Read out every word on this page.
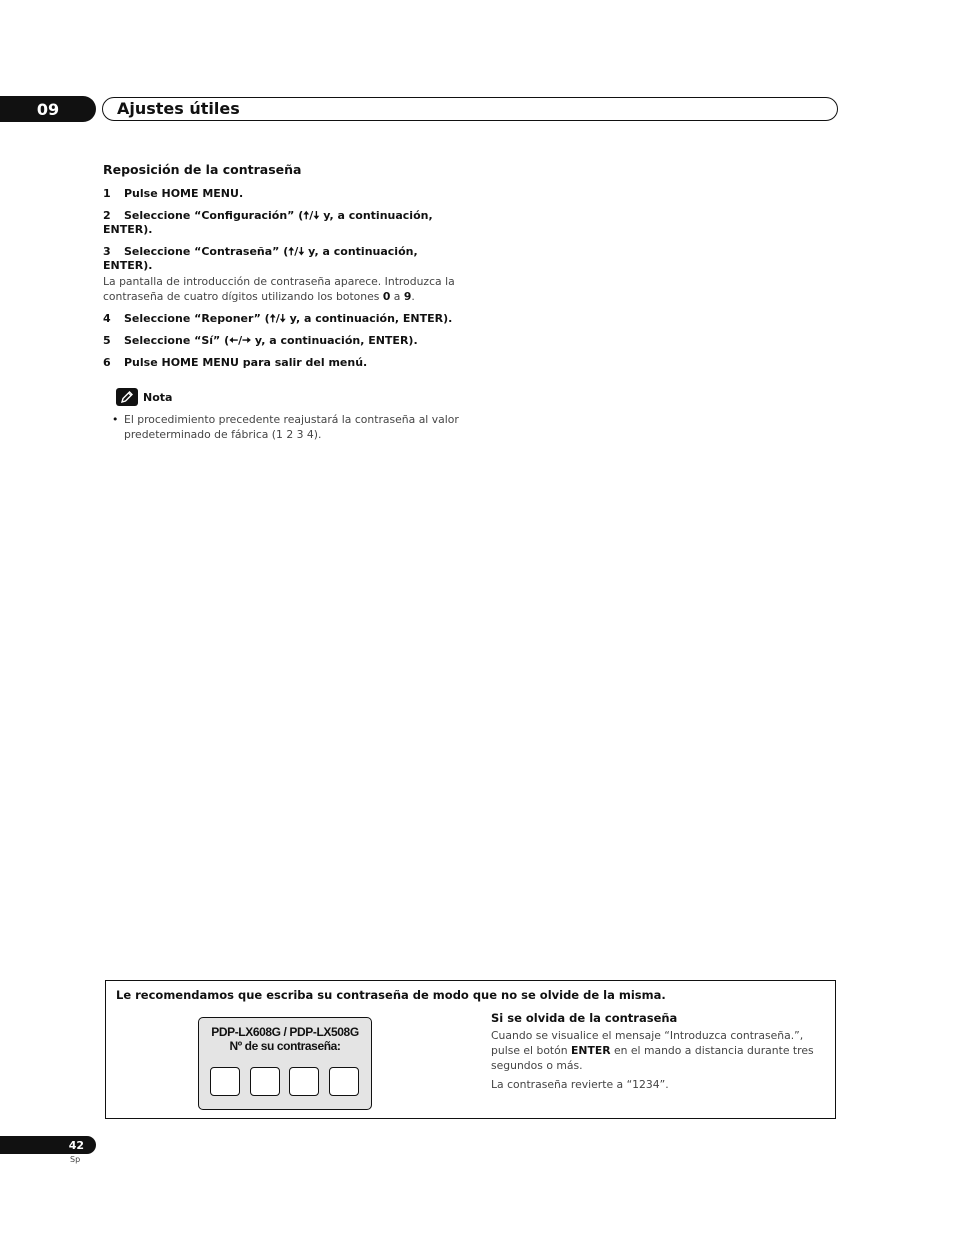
09	Ajustes útiles
Reposición de la contraseña
1 Pulse HOME MENU.
2 Seleccione “Configuración” (🠅/🠇 y, a continuación, ENTER).
3 Seleccione “Contraseña” (🠅/🠇 y, a continuación, ENTER).
La pantalla de introducción de contraseña aparece. Introduzca la contraseña de cuatro dígitos utilizando los botones 0 a 9.
4 Seleccione “Reponer” (🠅/🠇 y, a continuación, ENTER).
5 Seleccione “Sí” (🠄/🠆 y, a continuación, ENTER).
6 Pulse HOME MENU para salir del menú.
Nota
• El procedimiento precedente reajustará la contraseña al valor predeterminado de fábrica (1 2 3 4).
Le recomendamos que escriba su contraseña de modo que no se olvide de la misma.
PDP-LX608G / PDP-LX508G
Nº de su contraseña:
Si se olvida de la contraseña
Cuando se visualice el mensaje “Introduzca contraseña.”, pulse el botón ENTER en el mando a distancia durante tres segundos o más.
La contraseña revierte a “1234”.
42
Sp
